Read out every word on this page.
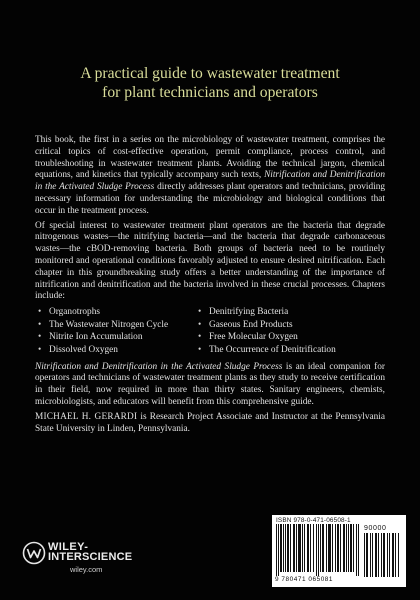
A practical guide to wastewater treatment
for plant technicians and operators

This book, the first in a series on the microbiology of wastewater treatment, comprises the critical topics of cost-effective operation, permit compliance, process control, and troubleshooting in wastewater treatment plants. Avoiding the technical jargon, chemical equations, and kinetics that typically accompany such texts, Nitrification and Denitrification in the Activated Sludge Process directly addresses plant operators and technicians, providing necessary information for understanding the microbiology and biological conditions that occur in the treatment process.

Of special interest to wastewater treatment plant operators are the bacteria that degrade nitrogenous wastes—the nitrifying bacteria—and the bacteria that degrade carbonaceous wastes—the cBOD-removing bacteria. Both groups of bacteria need to be routinely monitored and operational conditions favorably adjusted to ensure desired nitrification. Each chapter in this groundbreaking study offers a better understanding of the importance of nitrification and denitrification and the bacteria involved in these crucial processes. Chapters include:

• Organotrophs	• Denitrifying Bacteria
• The Wastewater Nitrogen Cycle	• Gaseous End Products
• Nitrite Ion Accumulation	• Free Molecular Oxygen
• Dissolved Oxygen	• The Occurrence of Denitrification

Nitrification and Denitrification in the Activated Sludge Process is an ideal companion for operators and technicians of wastewater treatment plants as they study to receive certification in their field, now required in more than thirty states. Sanitary engineers, chemists, microbiologists, and educators will benefit from this comprehensive guide.

MICHAEL H. GERARDI is Research Project Associate and Instructor at the Pennsylvania State University in Linden, Pennsylvania.

WILEY-
INTERSCIENCE
wiley.com
ISBN 978-0-471-06508-1
90000
9 780471 065081
